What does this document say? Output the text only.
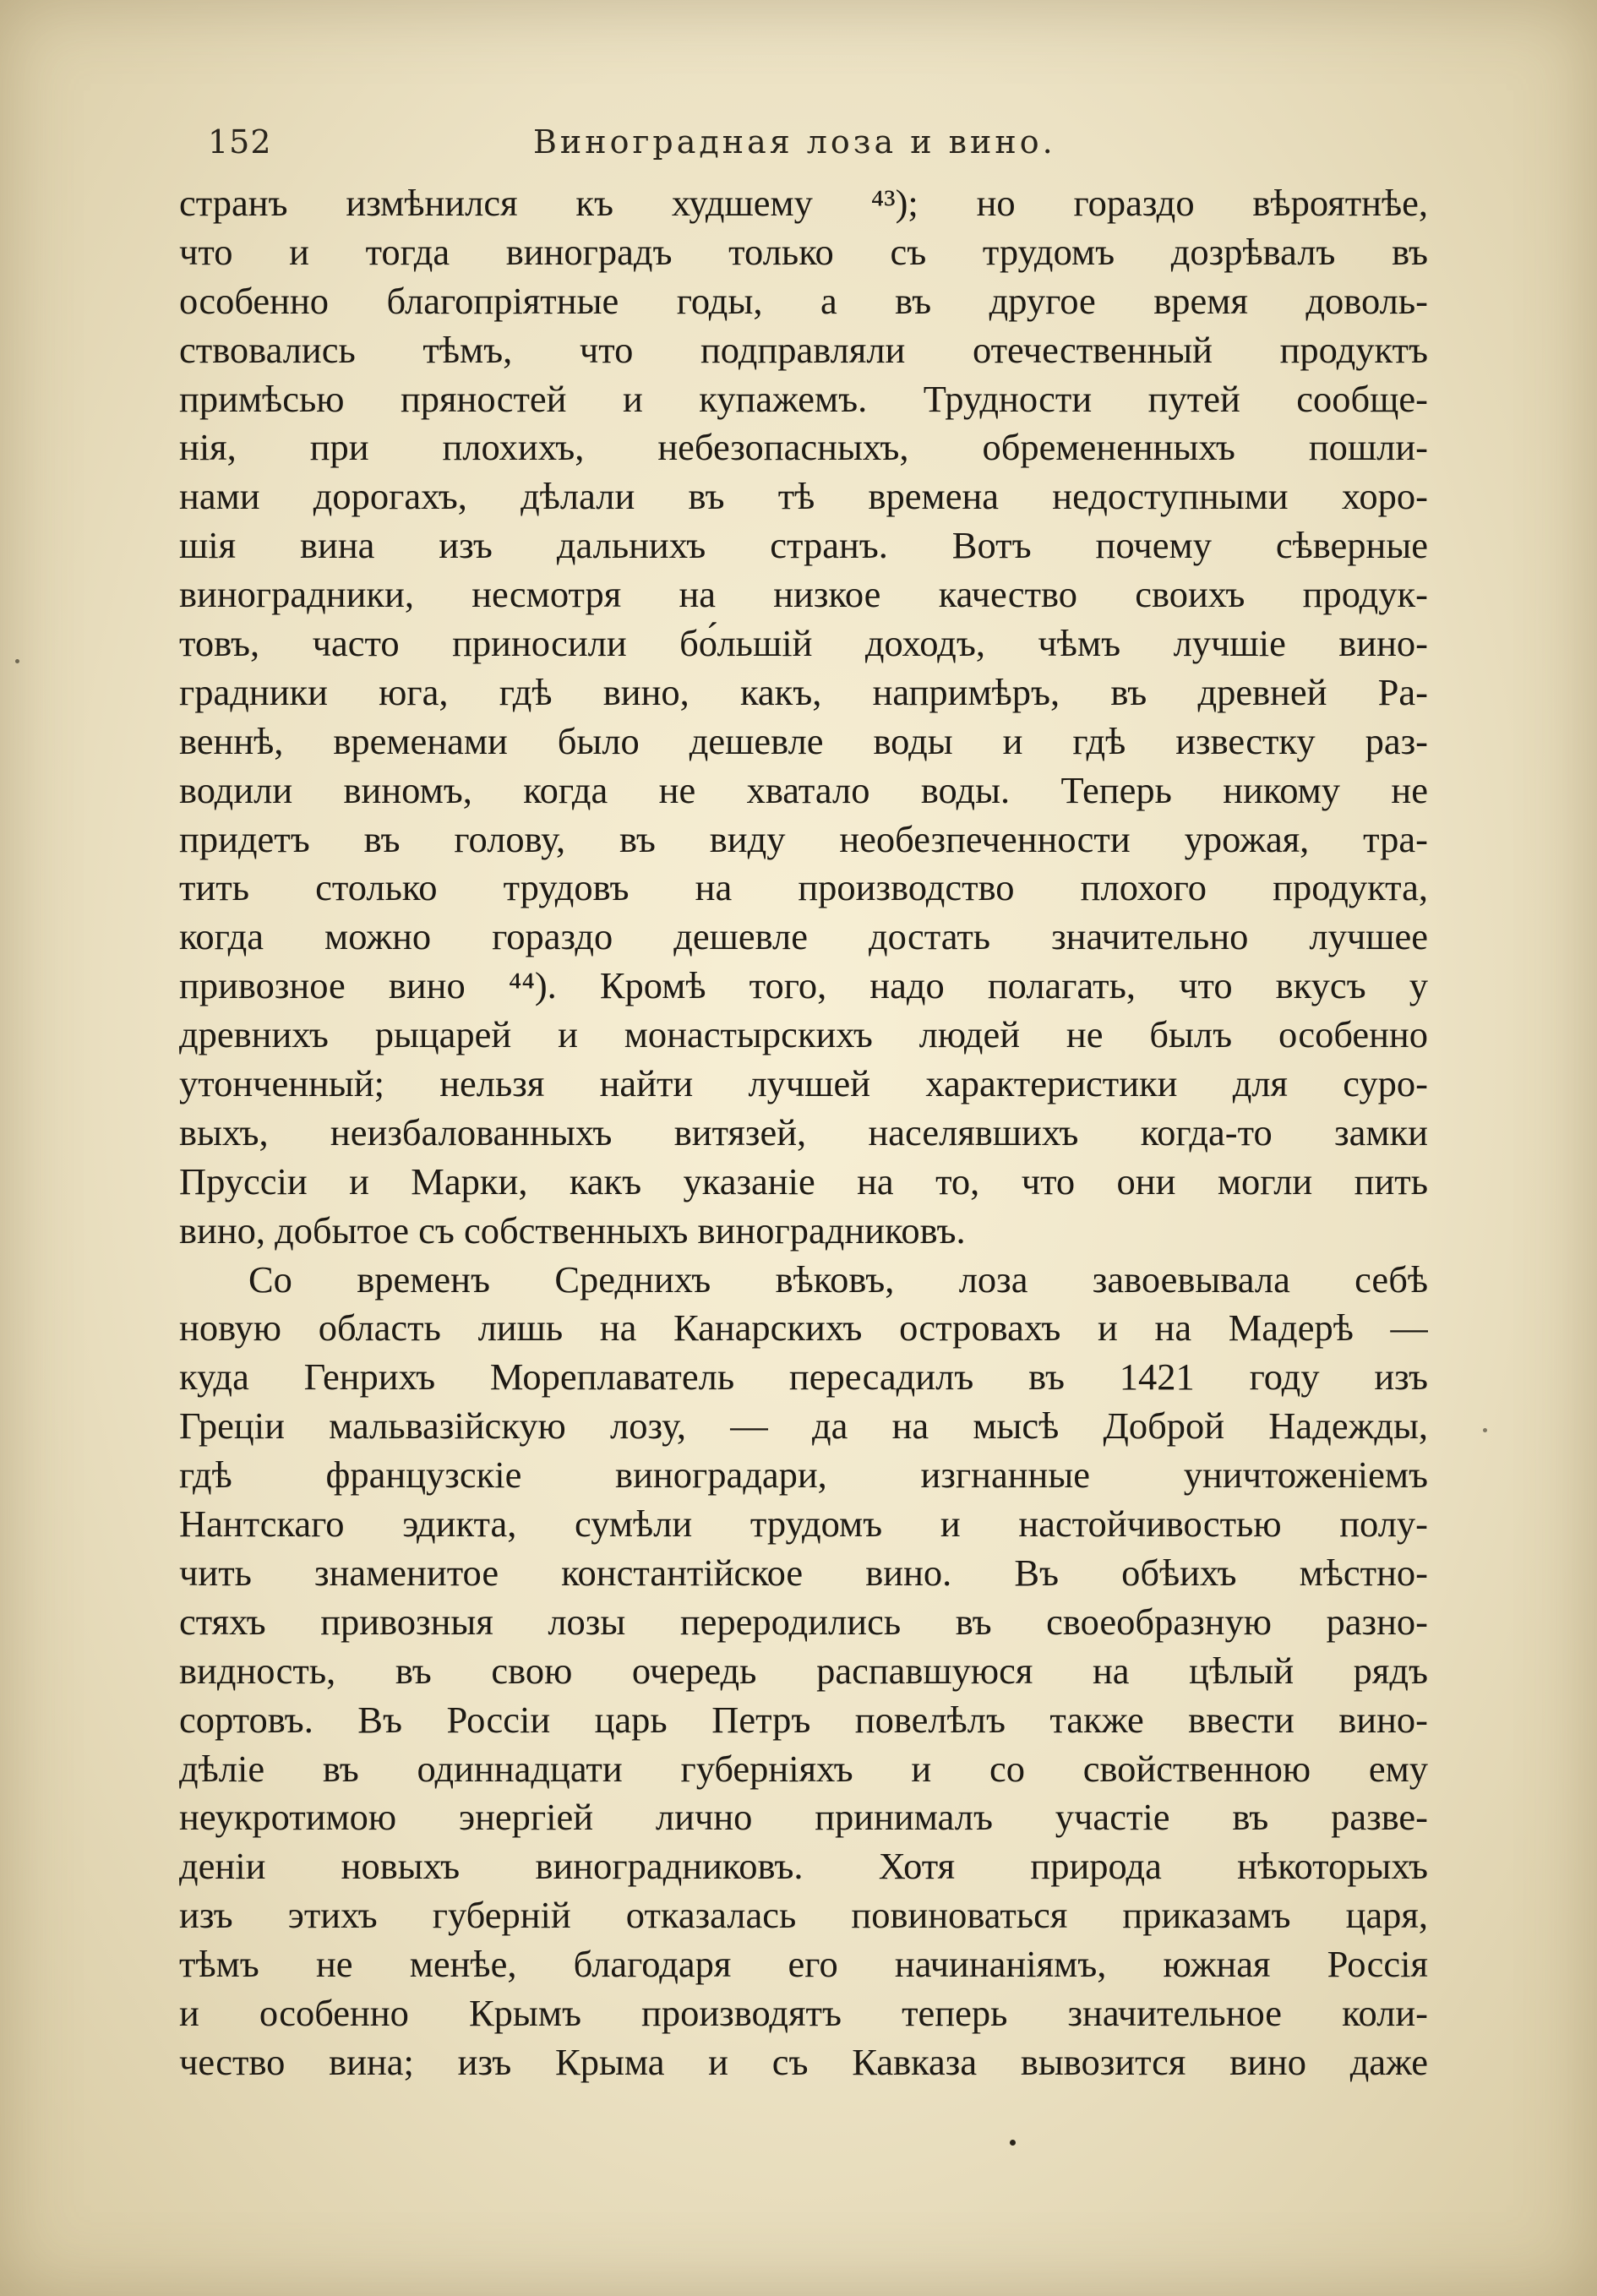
152	Виноградная лоза и вино.
странъ измѣнился къ худшему ⁴³); но гораздо вѣроятнѣе,
что и тогда виноградъ только съ трудомъ дозрѣвалъ въ
особенно благопріятные годы, а въ другое время доволь-
ствовались тѣмъ, что подправляли отечественный продуктъ
примѣсью пряностей и купажемъ. Трудности путей сообще-
нія, при плохихъ, небезопасныхъ, обремененныхъ пошли-
нами дорогахъ, дѣлали въ тѣ времена недоступными хоро-
шія вина изъ дальнихъ странъ. Вотъ почему сѣверные
виноградники, несмотря на низкое качество своихъ продук-
товъ, часто приносили бо́льшій доходъ, чѣмъ лучшіе вино-
градники юга, гдѣ вино, какъ, напримѣръ, въ древней Ра-
веннѣ, временами было дешевле воды и гдѣ известку раз-
водили виномъ, когда не хватало воды. Теперь никому не
придетъ въ голову, въ виду необезпеченности урожая, тра-
тить столько трудовъ на производство плохого продукта,
когда можно гораздо дешевле достать значительно лучшее
привозное вино ⁴⁴). Кромѣ того, надо полагать, что вкусъ у
древнихъ рыцарей и монастырскихъ людей не былъ особенно
утонченный; нельзя найти лучшей характеристики для суро-
выхъ, неизбалованныхъ витязей, населявшихъ когда-то замки
Пруссіи и Марки, какъ указаніе на то, что они могли пить
вино, добытое съ собственныхъ виноградниковъ.
Со временъ Среднихъ вѣковъ, лоза завоевывала себѣ
новую область лишь на Канарскихъ островахъ и на Мадерѣ —
куда Генрихъ Мореплаватель пересадилъ въ 1421 году изъ
Греціи мальвазійскую лозу, — да на мысѣ Доброй Надежды,
гдѣ французскіе виноградари, изгнанные уничтоженіемъ
Нантскаго эдикта, сумѣли трудомъ и настойчивостью полу-
чить знаменитое константійское вино. Въ обѣихъ мѣстно-
стяхъ привозныя лозы переродились въ своеобразную разно-
видность, въ свою очередь распавшуюся на цѣлый рядъ
сортовъ. Въ Россіи царь Петръ повелѣлъ также ввести вино-
дѣліе въ одиннадцати губерніяхъ и со свойственною ему
неукротимою энергіей лично принималъ участіе въ разве-
деніи новыхъ виноградниковъ. Хотя природа нѣкоторыхъ
изъ этихъ губерній отказалась повиноваться приказамъ царя,
тѣмъ не менѣе, благодаря его начинаніямъ, южная Россія
и особенно Крымъ производятъ теперь значительное коли-
чество вина; изъ Крыма и съ Кавказа вывозится вино даже
